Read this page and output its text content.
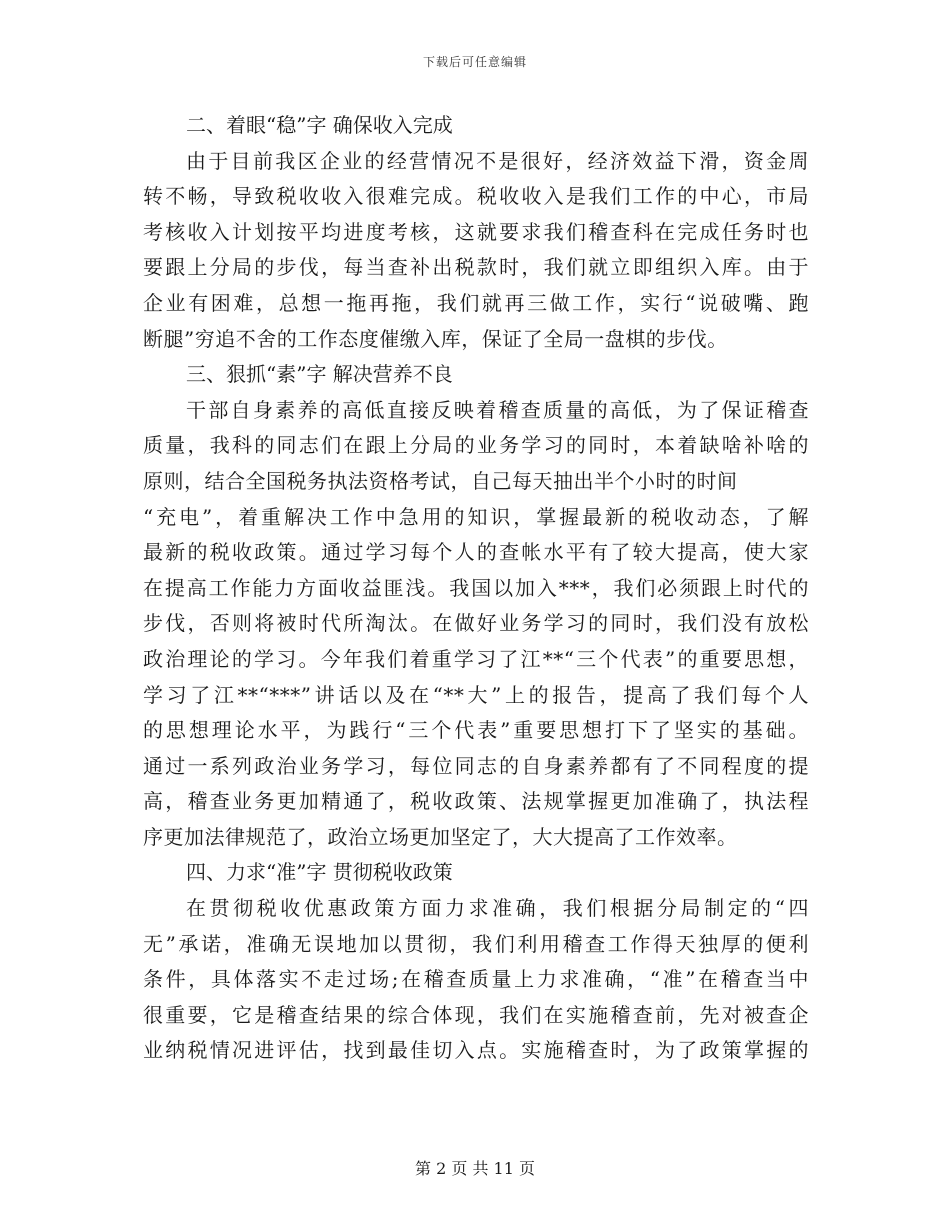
下载后可任意编辑
二、着眼“稳”字 确保收入完成
由于目前我区企业的经营情况不是很好，经济效益下滑，资金周
转不畅，导致税收收入很难完成。税收收入是我们工作的中心，市局
考核收入计划按平均进度考核，这就要求我们稽查科在完成任务时也
要跟上分局的步伐，每当查补出税款时，我们就立即组织入库。由于
企业有困难，总想一拖再拖，我们就再三做工作，实行“说破嘴、跑
断腿”穷追不舍的工作态度催缴入库，保证了全局一盘棋的步伐。
三、狠抓“素”字 解决营养不良
干部自身素养的高低直接反映着稽查质量的高低，为了保证稽查
质量，我科的同志们在跟上分局的业务学习的同时，本着缺啥补啥的
原则，结合全国税务执法资格考试，自己每天抽出半个小时的时间
“充电”，着重解决工作中急用的知识，掌握最新的税收动态，了解
最新的税收政策。通过学习每个人的查帐水平有了较大提高，使大家
在提高工作能力方面收益匪浅。我国以加入***，我们必须跟上时代的
步伐，否则将被时代所淘汰。在做好业务学习的同时，我们没有放松
政治理论的学习。今年我们着重学习了江**“三个代表”的重要思想，
学习了江**“***”讲话以及在“**大”上的报告，提高了我们每个人
的思想理论水平，为践行“三个代表”重要思想打下了坚实的基础。
通过一系列政治业务学习，每位同志的自身素养都有了不同程度的提
高，稽查业务更加精通了，税收政策、法规掌握更加准确了，执法程
序更加法律规范了，政治立场更加坚定了，大大提高了工作效率。
四、力求“准”字 贯彻税收政策
在贯彻税收优惠政策方面力求准确，我们根据分局制定的“四
无”承诺，准确无误地加以贯彻，我们利用稽查工作得天独厚的便利
条件，具体落实不走过场;在稽查质量上力求准确，“准”在稽查当中
很重要，它是稽查结果的综合体现，我们在实施稽查前，先对被查企
业纳税情况进评估，找到最佳切入点。实施稽查时，为了政策掌握的
第 2 页 共 11 页
